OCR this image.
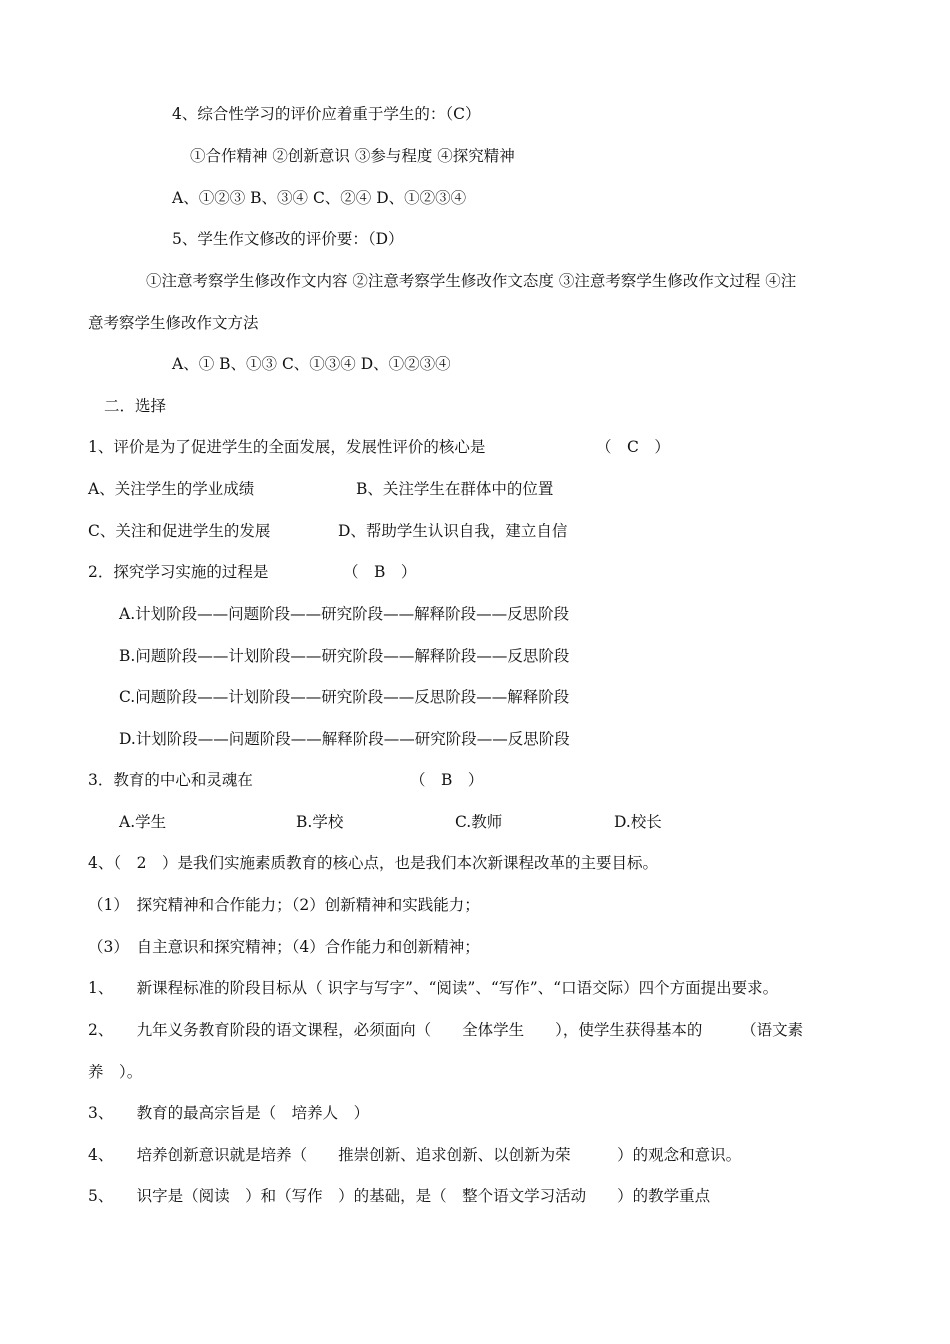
4、综合性学习的评价应着重于学生的：（C）
①合作精神 ②创新意识 ③参与程度 ④探究精神
A、①②③ B、③④ C、②④ D、①②③④
5、学生作文修改的评价要：（D）
①注意考察学生修改作文内容 ②注意考察学生修改作文态度 ③注意考察学生修改作文过程 ④注
意考察学生修改作文方法
A、① B、①③ C、①③④ D、①②③④
二．选择
1、评价是为了促进学生的全面发展，发展性评价的核心是	（　C　）
A、关注学生的学业成绩	B、关注学生在群体中的位置
C、关注和促进学生的发展	D、帮助学生认识自我，建立自信
2．探究学习实施的过程是	（　B　）
A.计划阶段——问题阶段——研究阶段——解释阶段——反思阶段
B.问题阶段——计划阶段——研究阶段——解释阶段——反思阶段
C.问题阶段——计划阶段——研究阶段——反思阶段——解释阶段
D.计划阶段——问题阶段——解释阶段——研究阶段——反思阶段
3．教育的中心和灵魂在	（　B　）
A.学生	B.学校	C.教师	D.校长
4、（　2　）是我们实施素质教育的核心点，也是我们本次新课程改革的主要目标。
（1）　探究精神和合作能力；（2）创新精神和实践能力；
（3）　自主意识和探究精神；（4）合作能力和创新精神；
1、　　新课程标准的阶段目标从（ 识字与写字”、“阅读”、“写作”、“口语交际）四个方面提出要求。
2、　　九年义务教育阶段的语文课程，必须面向（　　全体学生　　），使学生获得基本的　　　（语文素
养　）。
3、　　教育的最高宗旨是（　培养人　）
4、　　培养创新意识就是培养（　　推崇创新、追求创新、以创新为荣　　　）的观念和意识。
5、　　识字是（阅读　）和（写作　）的基础，是（　整个语文学习活动　　）的教学重点
